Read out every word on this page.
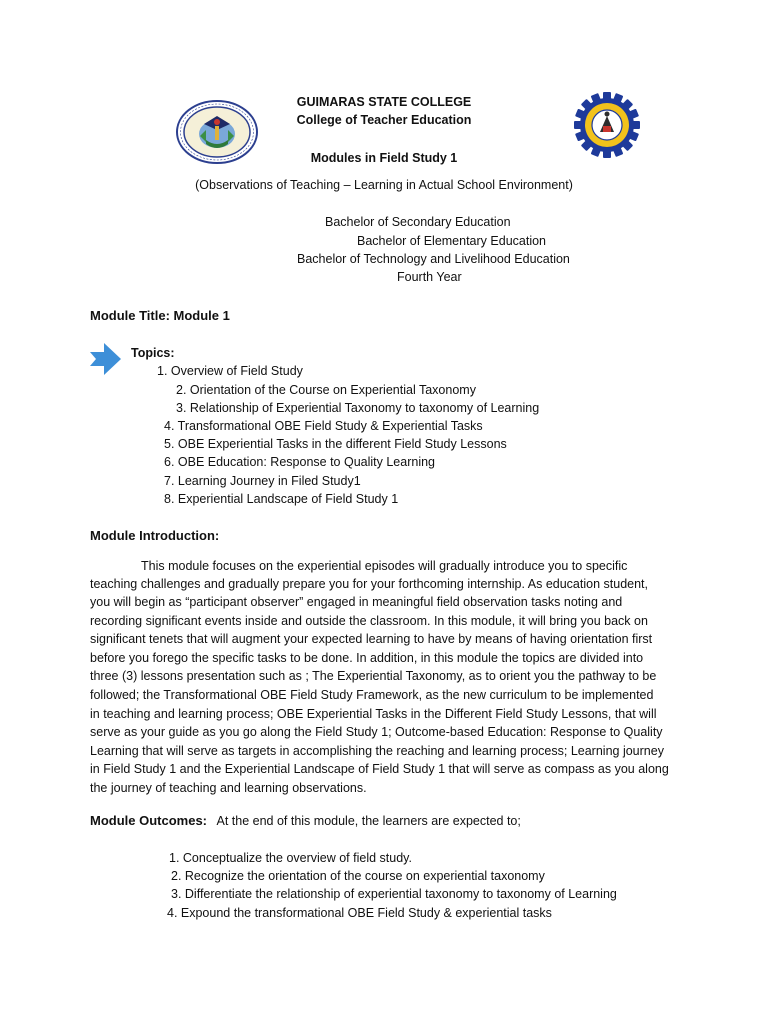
GUIMARAS STATE COLLEGE
College of Teacher Education
Modules in Field Study 1
(Observations of Teaching – Learning in Actual School Environment)
Bachelor of Secondary Education
Bachelor of Elementary Education
Bachelor of Technology and Livelihood Education
Fourth Year
Module Title: Module 1
Topics:
1. Overview of Field Study
2. Orientation of the Course on Experiential Taxonomy
3. Relationship of Experiential Taxonomy to taxonomy of Learning
4. Transformational OBE Field Study & Experiential Tasks
5. OBE Experiential Tasks in the different Field Study Lessons
6. OBE Education: Response to Quality Learning
7. Learning Journey in Filed Study1
8. Experiential Landscape of Field Study 1
Module Introduction:
This module focuses on the experiential episodes will gradually introduce you to specific
teaching challenges and gradually prepare you for your forthcoming internship. As education student,
you will begin as “participant observer” engaged in meaningful field observation tasks noting and
recording significant events inside and outside the classroom. In this module, it will bring you back on
significant tenets that will augment your expected learning to have by means of having orientation first
before you forego the specific tasks to be done. In addition, in this module the topics are divided into
three (3) lessons presentation such as ; The Experiential Taxonomy, as to orient you the pathway to be
followed; the Transformational OBE Field Study Framework, as the new curriculum to be implemented
in teaching and learning process; OBE Experiential Tasks in the Different Field Study Lessons, that will
serve as your guide as you go along the Field Study 1; Outcome-based Education: Response to Quality
Learning that will serve as targets in accomplishing the reaching and learning process; Learning journey
in Field Study 1 and the Experiential Landscape of Field Study 1 that will serve as compass as you along
the journey of teaching and learning observations.
Module Outcomes: At the end of this module, the learners are expected to;
1. Conceptualize the overview of field study.
2. Recognize the orientation of the course on experiential taxonomy
3. Differentiate the relationship of experiential taxonomy to taxonomy of Learning
4. Expound the transformational OBE Field Study & experiential tasks
